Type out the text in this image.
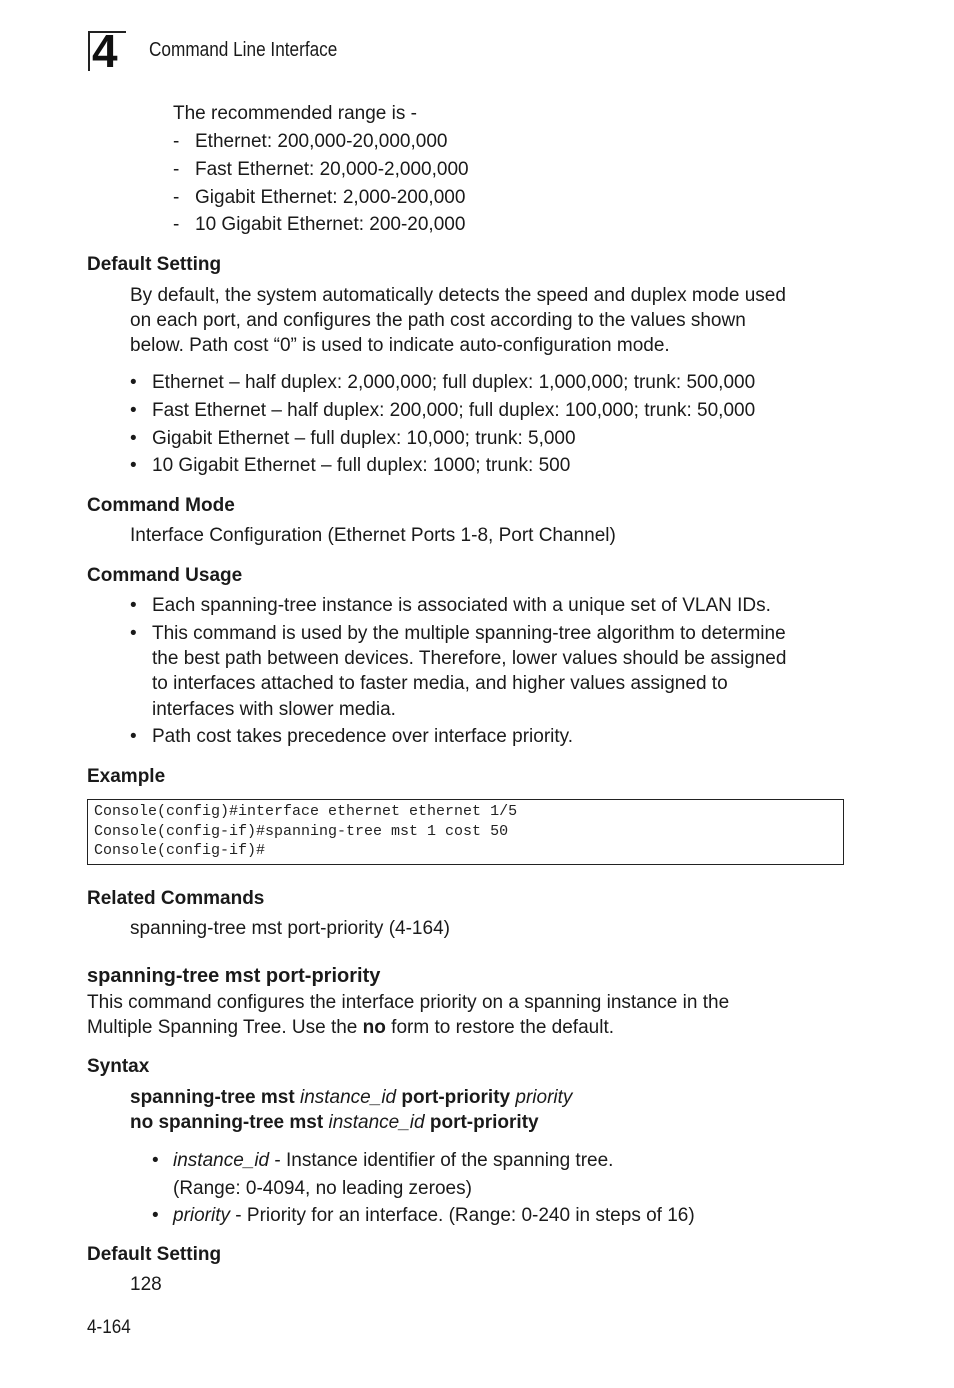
4 Command Line Interface
The recommended range is -
- Ethernet: 200,000-20,000,000
- Fast Ethernet: 20,000-2,000,000
- Gigabit Ethernet: 2,000-200,000
- 10 Gigabit Ethernet: 200-20,000
Default Setting
By default, the system automatically detects the speed and duplex mode used
on each port, and configures the path cost according to the values shown
below. Path cost “0” is used to indicate auto-configuration mode.
• Ethernet – half duplex: 2,000,000; full duplex: 1,000,000; trunk: 500,000
• Fast Ethernet – half duplex: 200,000; full duplex: 100,000; trunk: 50,000
• Gigabit Ethernet – full duplex: 10,000; trunk: 5,000
• 10 Gigabit Ethernet – full duplex: 1000; trunk: 500
Command Mode
Interface Configuration (Ethernet Ports 1-8, Port Channel)
Command Usage
• Each spanning-tree instance is associated with a unique set of VLAN IDs.
• This command is used by the multiple spanning-tree algorithm to determine
the best path between devices. Therefore, lower values should be assigned
to interfaces attached to faster media, and higher values assigned to
interfaces with slower media.
• Path cost takes precedence over interface priority.
Example
Console(config)#interface ethernet ethernet 1/5
Console(config-if)#spanning-tree mst 1 cost 50
Console(config-if)#
Related Commands
spanning-tree mst port-priority (4-164)
spanning-tree mst port-priority
This command configures the interface priority on a spanning instance in the
Multiple Spanning Tree. Use the no form to restore the default.
Syntax
spanning-tree mst instance_id port-priority priority
no spanning-tree mst instance_id port-priority
• instance_id - Instance identifier of the spanning tree.
(Range: 0-4094, no leading zeroes)
• priority - Priority for an interface. (Range: 0-240 in steps of 16)
Default Setting
128
4-164
